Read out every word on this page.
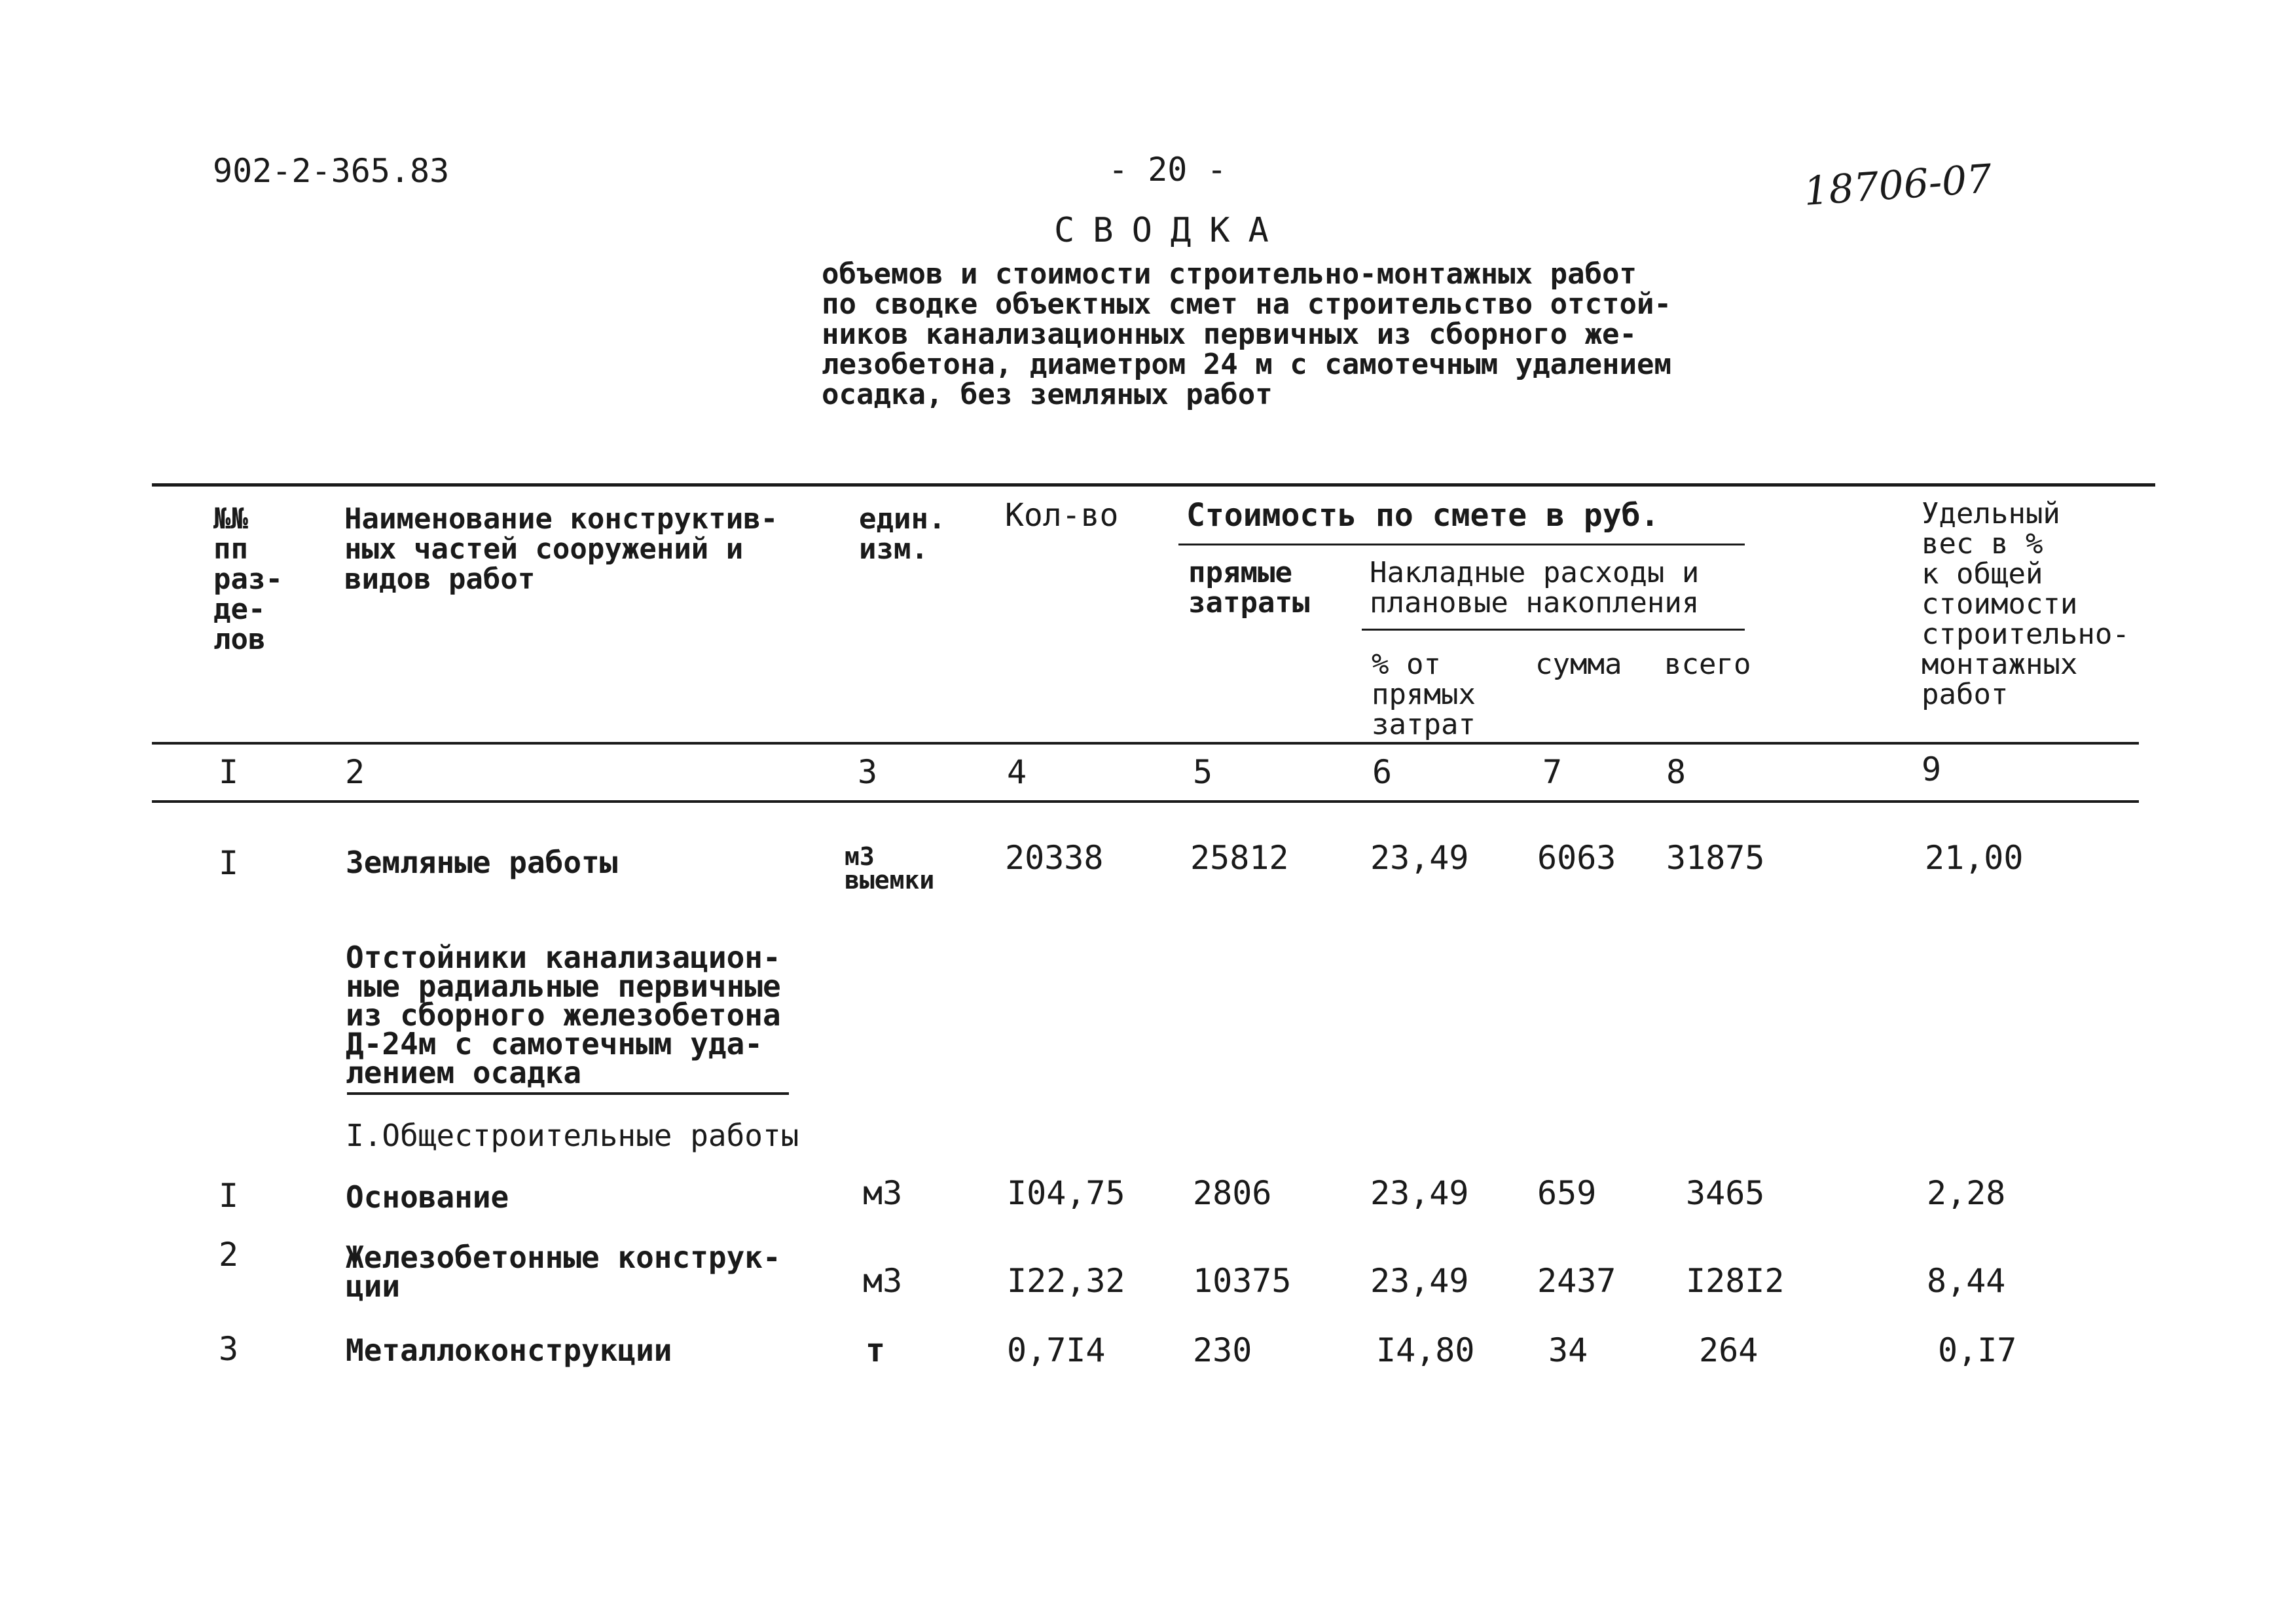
902-2-365.83	- 20 -	18706-07
СВОДКА
объемов и стоимости строительно-монтажных работ
по сводке объектных смет на строительство отстой-
ников канализационных первичных из сборного же-
лезобетона, диаметром 24 м с самотечным удалением
осадка, без земляных работ
№№
пп
раз-
де-
лов
Наименование конструктив-
ных частей сооружений и
видов работ
един.
изм.
Кол-во Стоимость по смете в руб.
прямые
затраты
Накладные расходы и
плановые накопления
% от
прямых
затрат
сумма всего
Удельный
вес в %
к общей
стоимости
строительно-
монтажных
работ
I	2	3	4	5	6	7	8	9
I	Земляные работы	м3
выемки
20338	25812 23,49 6063 31875	21,00
Отстойники канализацион-
ные радиальные первичные
из сборного железобетона
Д-24м с самотечным уда-
лением осадка
I.Общестроительные работы
I	Основание	м3	I04,75 2806	23,49 659	3465	2,28
2	Железобетонные конструк-
ции	м3	I22,32 10375 23,49 2437 I28I2	8,44
3	Металлоконструкции	т	0,7I4	230	I4,80 34	264	0,I7
